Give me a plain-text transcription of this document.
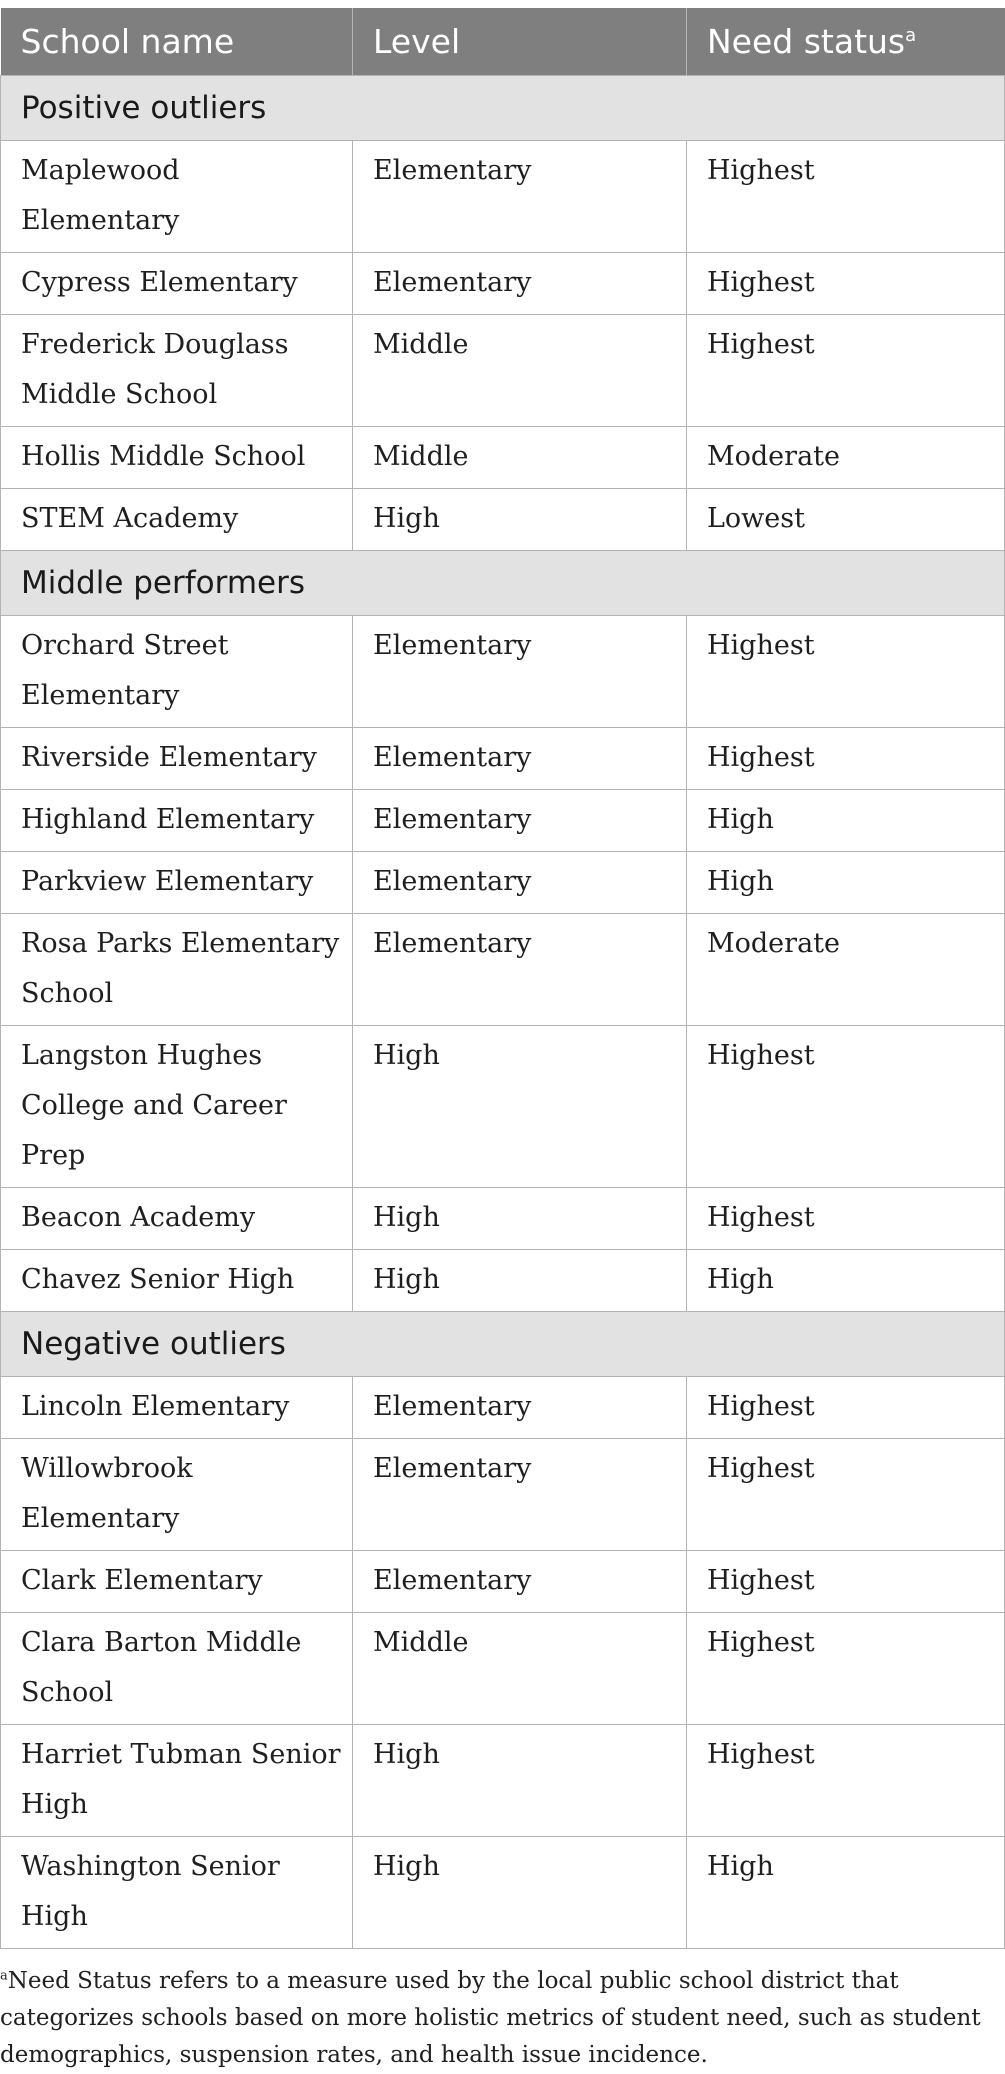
School name	Level	Need status$^a$
Positive outliers		
Maplewood Elementary	Elementary	Highest
Cypress Elementary	Elementary	Highest
Frederick Douglass Middle School	Middle	Highest
Hollis Middle School	Middle	Moderate
STEM Academy	High	Lowest
Middle performers		
Orchard Street Elementary	Elementary	Highest
Riverside Elementary	Elementary	Highest
Highland Elementary	Elementary	High
Parkview Elementary	Elementary	High
Rosa Parks Elementary School	Elementary	Moderate
Langston Hughes College and Career Prep	High	Highest
Beacon Academy	High	Highest
Chavez Senior High	High	High
Negative outliers		
Lincoln Elementary	Elementary	Highest
Willowbrook Elementary	Elementary	Highest
Clark Elementary	Elementary	Highest
Clara Barton Middle School	Middle	Highest
Harriet Tubman Senior High	High	Highest
Washington Senior High	High	High

$^a$Need Status refers to a measure used by the local public school district that categorizes schools based on more holistic metrics of student need, such as student demographics, suspension rates, and health issue incidence.
